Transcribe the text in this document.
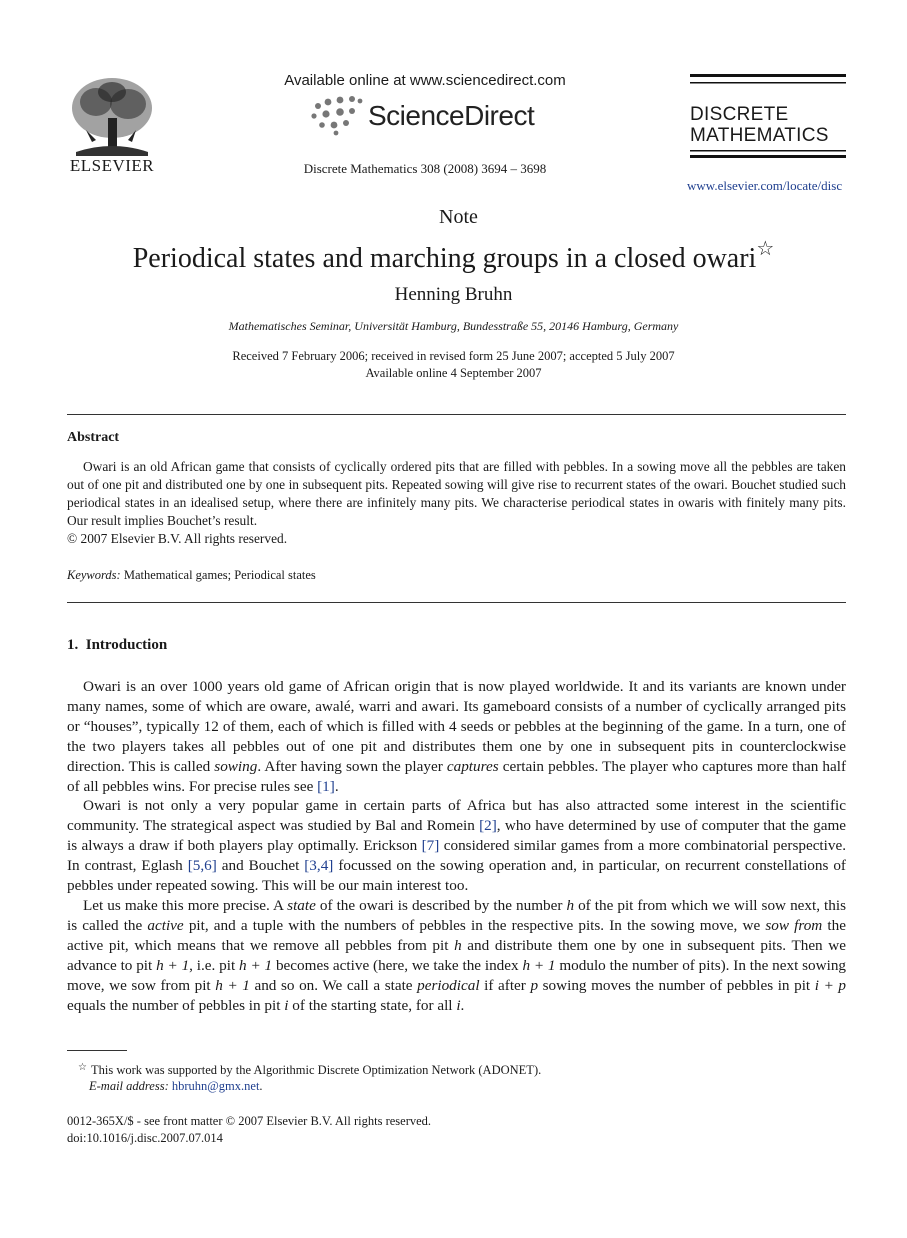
ELSEVIER
Available online at www.sciencedirect.com
ScienceDirect
Discrete Mathematics 308 (2008) 3694 – 3698
DISCRETE
MATHEMATICS
www.elsevier.com/locate/disc
Note
Periodical states and marching groups in a closed owari☆
Henning Bruhn
Mathematisches Seminar, Universität Hamburg, Bundesstraße 55, 20146 Hamburg, Germany
Received 7 February 2006; received in revised form 25 June 2007; accepted 5 July 2007
Available online 4 September 2007
Abstract
Owari is an old African game that consists of cyclically ordered pits that are filled with pebbles. In a sowing move all the pebbles are taken out of one pit and distributed one by one in subsequent pits. Repeated sowing will give rise to recurrent states of the owari. Bouchet studied such periodical states in an idealised setup, where there are infinitely many pits. We characterise periodical states in owaris with finitely many pits. Our result implies Bouchet’s result.
© 2007 Elsevier B.V. All rights reserved.
Keywords: Mathematical games; Periodical states
1.  Introduction
Owari is an over 1000 years old game of African origin that is now played worldwide. It and its variants are known under many names, some of which are oware, awalé, warri and awari. Its gameboard consists of a number of cyclically arranged pits or “houses”, typically 12 of them, each of which is filled with 4 seeds or pebbles at the beginning of the game. In a turn, one of the two players takes all pebbles out of one pit and distributes them one by one in subsequent pits in counterclockwise direction. This is called sowing. After having sown the player captures certain pebbles. The player who captures more than half of all pebbles wins. For precise rules see [1].
Owari is not only a very popular game in certain parts of Africa but has also attracted some interest in the scientific community. The strategical aspect was studied by Bal and Romein [2], who have determined by use of computer that the game is always a draw if both players play optimally. Erickson [7] considered similar games from a more combinatorial perspective. In contrast, Eglash [5,6] and Bouchet [3,4] focussed on the sowing operation and, in particular, on recurrent constellations of pebbles under repeated sowing. This will be our main interest too.
Let us make this more precise. A state of the owari is described by the number h of the pit from which we will sow next, this is called the active pit, and a tuple with the numbers of pebbles in the respective pits. In the sowing move, we sow from the active pit, which means that we remove all pebbles from pit h and distribute them one by one in subsequent pits. Then we advance to pit h + 1, i.e. pit h + 1 becomes active (here, we take the index h + 1 modulo the number of pits). In the next sowing move, we sow from pit h + 1 and so on. We call a state periodical if after p sowing moves the number of pebbles in pit i + p equals the number of pebbles in pit i of the starting state, for all i.
☆ This work was supported by the Algorithmic Discrete Optimization Network (ADONET).
E-mail address: hbruhn@gmx.net.
0012-365X/$ - see front matter © 2007 Elsevier B.V. All rights reserved.
doi:10.1016/j.disc.2007.07.014
